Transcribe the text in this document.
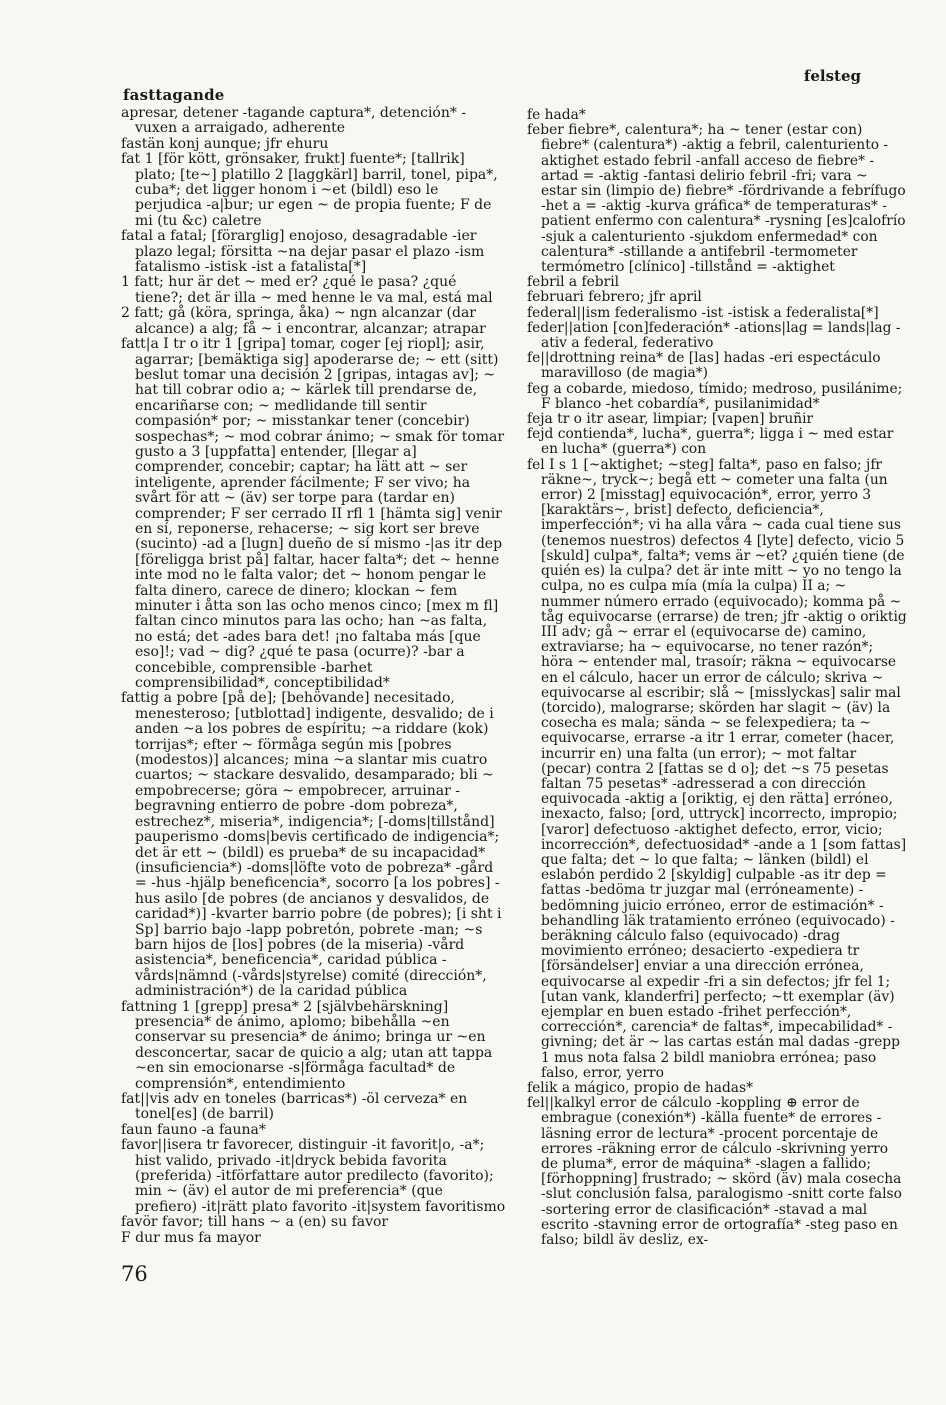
fasttagande
felsteg
apresar, detener -tagande captura*, detención* -vuxen a arraigado, adherente
fastän konj aunque; jfr ehuru
fat 1 [för kött, grönsaker, frukt] fuente*; [tallrik] plato; [te~] platillo 2 [laggkärl] barril, tonel, pipa*, cuba*; det ligger honom i ~et (bildl) eso le perjudica -a|bur; ur egen ~ de propia fuente; F de mi (tu &c) caletre
fatal a fatal; [förarglig] enojoso, desagradable -ier plazo legal; försitta ~na dejar pasar el plazo -ism fatalismo -istisk -ist a fatalista[*]
1 fatt; hur är det ~ med er? ¿qué le pasa? ¿qué tiene?; det är illa ~ med henne le va mal, está mal
2 fatt; gå (köra, springa, åka) ~ ngn alcanzar (dar alcance) a alg; få ~ i encontrar, alcanzar; atrapar
fatt|a I tr o itr 1 [gripa] tomar, coger [ej riopl]; asir, agarrar; [bemäktiga sig] apoderarse de; ~ ett (sitt) beslut tomar una decisión 2 [gripas, intagas av]; ~ hat till cobrar odio a; ~ kärlek till prendarse de, encariñarse con; ~ medlidande till sentir compasión* por; ~ misstankar tener (concebir) sospechas*; ~ mod cobrar ánimo; ~ smak för tomar gusto a 3 [uppfatta] entender, [llegar a] comprender, concebir; captar; ha lätt att ~ ser inteligente, aprender fácilmente; F ser vivo; ha svårt för att ~ (äv) ser torpe para (tardar en) comprender; F ser cerrado II rfl 1 [hämta sig] venir en sí, reponerse, rehacerse; ~ sig kort ser breve (sucinto) -ad a [lugn] dueño de sí mismo -|as itr dep [föreligga brist på] faltar, hacer falta*; det ~ henne inte mod no le falta valor; det ~ honom pengar le falta dinero, carece de dinero; klockan ~ fem minuter i åtta son las ocho menos cinco; [mex m fl] faltan cinco minutos para las ocho; han ~as falta, no está; det -ades bara det! ¡no faltaba más [que eso]!; vad ~ dig? ¿qué te pasa (ocurre)? -bar a concebible, comprensible -barhet comprensibilidad*, conceptibilidad*
fattig a pobre [på de]; [behövande] necesitado, menesteroso; [utblottad] indigente, desvalido; de i anden ~a los pobres de espíritu; ~a riddare (kok) torrijas*; efter ~ förmåga según mis [pobres (modestos)] alcances; mina ~a slantar mis cuatro cuartos; ~ stackare desvalido, desamparado; bli ~ empobrecerse; göra ~ empobrecer, arruinar -begravning entierro de pobre -dom pobreza*, estrechez*, miseria*, indigencia*; [-doms|tillstånd] pauperismo -doms|bevis certificado de indigencia*; det är ett ~ (bildl) es prueba* de su incapacidad* (insuficiencia*) -doms|löfte voto de pobreza* -gård = -hus -hjälp beneficencia*, socorro [a los pobres] -hus asilo [de pobres (de ancianos y desvalidos, de caridad*)] -kvarter barrio pobre (de pobres); [i sht i Sp] barrio bajo -lapp pobretón, pobrete -man; ~s barn hijos de [los] pobres (de la miseria) -vård asistencia*, beneficencia*, caridad pública -vårds|nämnd (-vårds|styrelse) comité (dirección*, administración*) de la caridad pública
fattning 1 [grepp] presa* 2 [självbehärskning] presencia* de ánimo, aplomo; bibehålla ~en conservar su presencia* de ánimo; bringa ur ~en desconcertar, sacar de quicio a alg; utan att tappa ~en sin emocionarse -s|förmåga facultad* de comprensión*, entendimiento
fat||vis adv en toneles (barricas*) -öl cerveza* en tonel[es] (de barril)
faun fauno -a fauna*
favor||isera tr favorecer, distinguir -it favorit|o, -a*; hist valido, privado -it|dryck bebida favorita (preferida) -itförfattare autor predilecto (favorito); min ~ (äv) el autor de mi preferencia* (que prefiero) -it|rätt plato favorito -it|system favoritismo
favör favor; till hans ~ a (en) su favor
F dur mus fa mayor
fe hada*
feber fiebre*, calentura*; ha ~ tener (estar con) fiebre* (calentura*) -aktig a febril, calenturiento -aktighet estado febril -anfall acceso de fiebre* -artad = -aktig -fantasi delirio febril -fri; vara ~ estar sin (limpio de) fiebre* -fördrivande a febrífugo -het a = -aktig -kurva gráfica* de temperaturas* -patient enfermo con calentura* -rysning [es]calofrío -sjuk a calenturiento -sjukdom enfermedad* con calentura* -stillande a antifebril -termometer termómetro [clínico] -tillstånd = -aktighet
febril a febril
februari febrero; jfr april
federal||ism federalismo -ist -istisk a federalista[*]
feder||ation [con]federación* -ations|lag = lands|lag -ativ a federal, federativo
fe||drottning reina* de [las] hadas -eri espectáculo maravilloso (de magia*)
feg a cobarde, miedoso, tímido; medroso, pusilánime; F blanco -het cobardía*, pusilanimidad*
feja tr o itr asear, limpiar; [vapen] bruñir
fejd contienda*, lucha*, guerra*; ligga i ~ med estar en lucha* (guerra*) con
fel I s 1 [~aktighet; ~steg] falta*, paso en falso; jfr räkne~, tryck~; begå ett ~ cometer una falta (un error) 2 [misstag] equivocación*, error, yerro 3 [karaktärs~, brist] defecto, deficiencia*, imperfección*; vi ha alla våra ~ cada cual tiene sus (tenemos nuestros) defectos 4 [lyte] defecto, vicio 5 [skuld] culpa*, falta*; vems är ~et? ¿quién tiene (de quién es) la culpa? det är inte mitt ~ yo no tengo la culpa, no es culpa mía (mía la culpa) II a; ~ nummer número errado (equivocado); komma på ~ tåg equivocarse (errarse) de tren; jfr -aktig o oriktig III adv; gå ~ errar el (equivocarse de) camino, extraviarse; ha ~ equivocarse, no tener razón*; höra ~ entender mal, trasoír; räkna ~ equivocarse en el cálculo, hacer un error de cálculo; skriva ~ equivocarse al escribir; slå ~ [misslyckas] salir mal (torcido), malograrse; skörden har slagit ~ (äv) la cosecha es mala; sända ~ se felexpediera; ta ~ equivocarse, errarse -a itr 1 errar, cometer (hacer, incurrir en) una falta (un error); ~ mot faltar (pecar) contra 2 [fattas se d o]; det ~s 75 pesetas faltan 75 pesetas* -adresserad a con dirección equivocada -aktig a [oriktig, ej den rätta] erróneo, inexacto, falso; [ord, uttryck] incorrecto, impropio; [varor] defectuoso -aktighet defecto, error, vicio; incorrección*, defectuosidad* -ande a 1 [som fattas] que falta; det ~ lo que falta; ~ länken (bildl) el eslabón perdido 2 [skyldig] culpable -as itr dep = fattas -bedöma tr juzgar mal (erróneamente) -bedömning juicio erróneo, error de estimación* -behandling läk tratamiento erróneo (equivocado) -beräkning cálculo falso (equivocado) -drag movimiento erróneo; desacierto -expediera tr [försändelser] enviar a una dirección errónea, equivocarse al expedir -fri a sin defectos; jfr fel 1; [utan vank, klanderfri] perfecto; ~tt exemplar (äv) ejemplar en buen estado -frihet perfección*, corrección*, carencia* de faltas*, impecabilidad* -givning; det är ~ las cartas están mal dadas -grepp 1 mus nota falsa 2 bildl maniobra errónea; paso falso, error, yerro
felik a mágico, propio de hadas*
fel||kalkyl error de cálculo -koppling ⊕ error de embrague (conexión*) -källa fuente* de errores -läsning error de lectura* -procent porcentaje de errores -räkning error de cálculo -skrivning yerro de pluma*, error de máquina* -slagen a fallido; [förhoppning] frustrado; ~ skörd (äv) mala cosecha -slut conclusión falsa, paralogismo -snitt corte falso -sortering error de clasificación* -stavad a mal escrito -stavning error de ortografía* -steg paso en falso; bildl äv desliz, ex-
76
